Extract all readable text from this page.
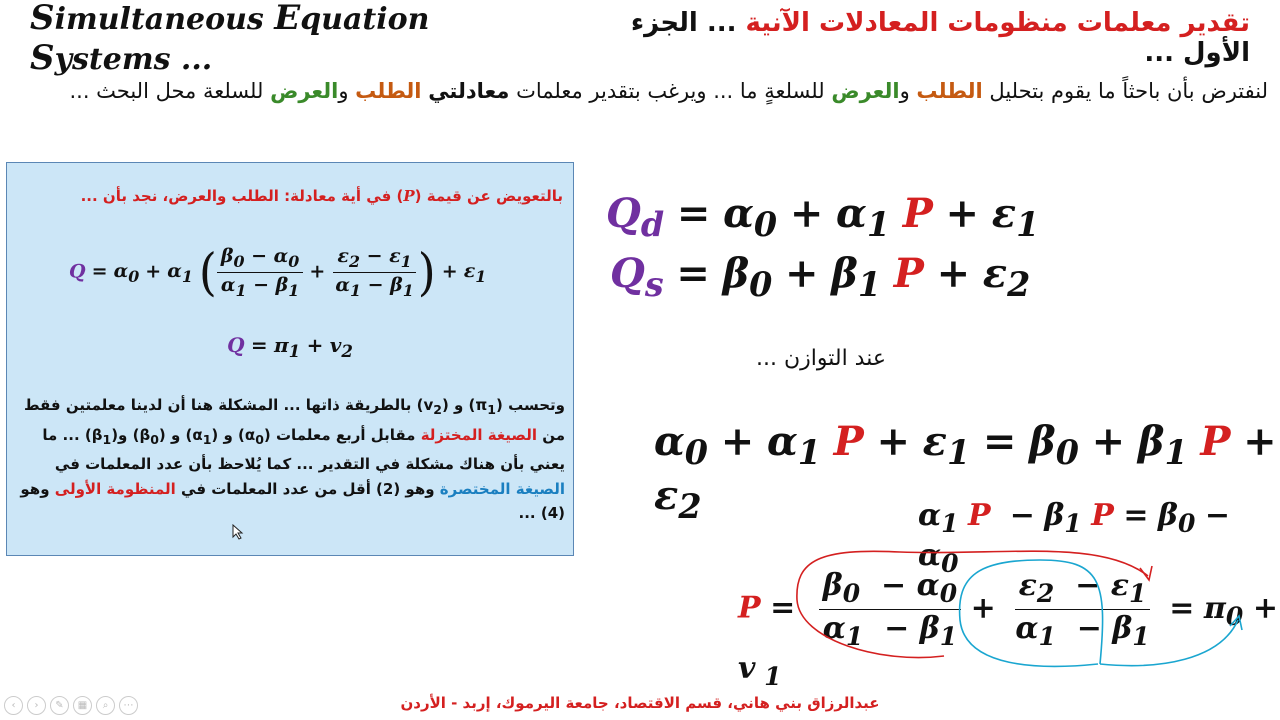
Simultaneous Equation Systems ...
تقدير معلمات منظومات المعادلات الآنية ... الجزء الأول ...
لنفترض بأن باحثاً ما يقوم بتحليل الطلب والعرض للسلعةٍ ما ... ويرغب بتقدير معلمات معادلتي الطلب والعرض للسلعة محل البحث ...
بالتعويض عن قيمة (P) في أية معادلة: الطلب والعرض، نجد بأن ...
$Q = \alpha_0 + \alpha_1$ ( $\frac{\beta_0 - \alpha_0}{\alpha_1 - \beta_1} + \frac{\varepsilon_2 - \varepsilon_1}{\alpha_1 - \beta_1}$ ) + $\varepsilon_1$
$Q = \pi_1 + v_2$
وتحسب $(\pi_1)$ و $(v_2)$ بالطريقة ذاتها ... المشكلة هنا أن لدينا معلمتين فقط من الصيغة المختزلة مقابل أربع معلمات $(\alpha_0)$ و $(\alpha_1)$ و $(\beta_0)$ $و(\beta_1)$ ... ما يعني بأن هناك مشكلة في التقدير ... كما يُلاحظ بأن عدد المعلمات في الصيغة المختصرة وهو (2) أقل من عدد المعلمات في المنظومة الأولى وهو (4) ...
$Q_d = \alpha_0 + \alpha_1$ $P + \varepsilon_1$
$Q_s = \beta_0 + \beta_1$ $P + \varepsilon_2$
عند التوازن ...
$\alpha_0 + \alpha_1$ $P + \varepsilon_1 = \beta_0 + \beta_1$ $P + \varepsilon_2$	$\alpha_1$ $P - \beta_1$ $P = \beta_0 - \alpha_0$
$P = \frac{\beta_0 - \alpha_0}{\alpha_1 - \beta_1} + \frac{\varepsilon_2 - \varepsilon_1}{\alpha_1 - \beta_1} = \pi_0 + v$ $_1$
عبدالرزاق بني هاني، قسم الاقتصاد، جامعة اليرموك، إربد - الأردن
‹	›	✎	▦	⌕	⋯
